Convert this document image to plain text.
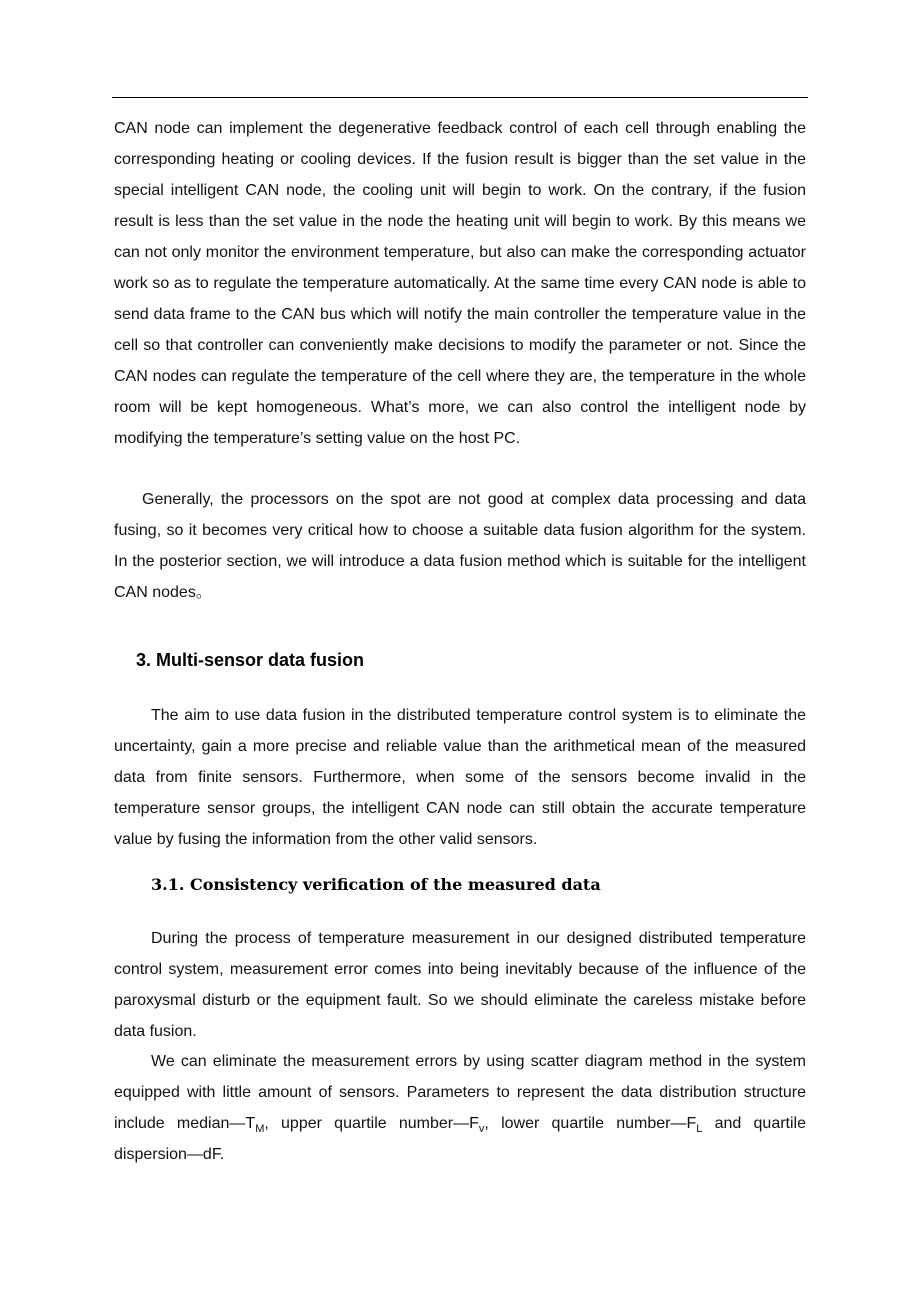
CAN node can implement the degenerative feedback control of each cell through enabling the corresponding heating or cooling devices. If the fusion result is bigger than the set value in the special intelligent CAN node, the cooling unit will begin to work. On the contrary, if the fusion result is less than the set value in the node the heating unit will begin to work. By this means we can not only monitor the environment temperature, but also can make the corresponding actuator work so as to regulate the temperature automatically. At the same time every CAN node is able to send data frame to the CAN bus which will notify the main controller the temperature value in the cell so that controller can conveniently make decisions to modify the parameter or not. Since the CAN nodes can regulate the temperature of the cell where they are, the temperature in the whole room will be kept homogeneous. What’s more, we can also control the intelligent node by modifying the temperature’s setting value on the host PC.

Generally, the processors on the spot are not good at complex data processing and data fusing, so it becomes very critical how to choose a suitable data fusion algorithm for the system. In the posterior section, we will introduce a data fusion method which is suitable for the intelligent CAN nodes。

3. Multi-sensor data fusion

The aim to use data fusion in the distributed temperature control system is to eliminate the uncertainty, gain a more precise and reliable value than the arithmetical mean of the measured data from finite sensors. Furthermore, when some of the sensors become invalid in the temperature sensor groups, the intelligent CAN node can still obtain the accurate temperature value by fusing the information from the other valid sensors.

3.1. Consistency verification of the measured data

During the process of temperature measurement in our designed distributed temperature control system, measurement error comes into being inevitably because of the influence of the paroxysmal disturb or the equipment fault. So we should eliminate the careless mistake before data fusion.

We can eliminate the measurement errors by using scatter diagram method in the system equipped with little amount of sensors. Parameters to represent the data distribution structure include $median—T_M$, upper quartile $number—F_v$, lower quartile $number—F_L$ and quartile dispersion—dF.
